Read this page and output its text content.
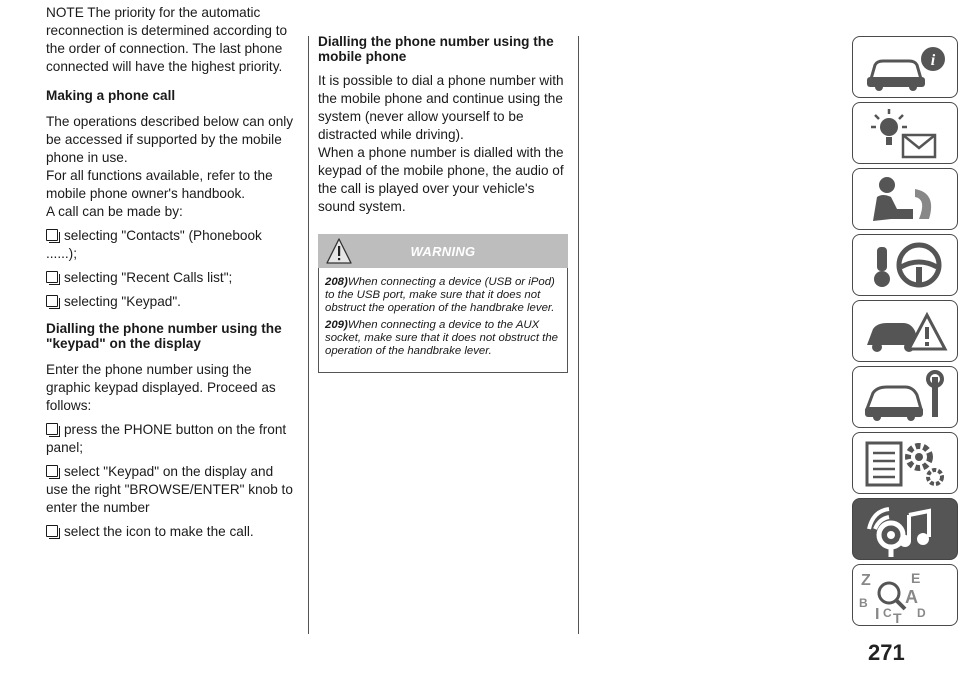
NOTE The priority for the automatic reconnection is determined according to the order of connection. The last phone connected will have the highest priority.

Making a phone call

The operations described below can only be accessed if supported by the mobile phone in use.

For all functions available, refer to the mobile phone owner's handbook.

A call can be made by:

selecting "Contacts" (Phonebook ......);
selecting "Recent Calls list";
selecting "Keypad".
Dialling the phone number using the "keypad" on the display

Enter the phone number using the graphic keypad displayed. Proceed as follows:

press the PHONE button on the front panel;
select "Keypad" on the display and use the right "BROWSE/ENTER" knob to enter the number
select the icon to make the call.
Dialling the phone number using the mobile phone

It is possible to dial a phone number with the mobile phone and continue using the system (never allow yourself to be distracted while driving).

When a phone number is dialled with the keypad of the mobile phone, the audio of the call is played over your vehicle's sound system.

WARNING

208)When connecting a device (USB or iPod) to the USB port, make sure that it does not obstruct the operation of the handbrake lever.

209)When connecting a device to the AUX socket, make sure that it does not obstruct the operation of the handbrake lever.

i
Z	E
B A
D
I C T
271
